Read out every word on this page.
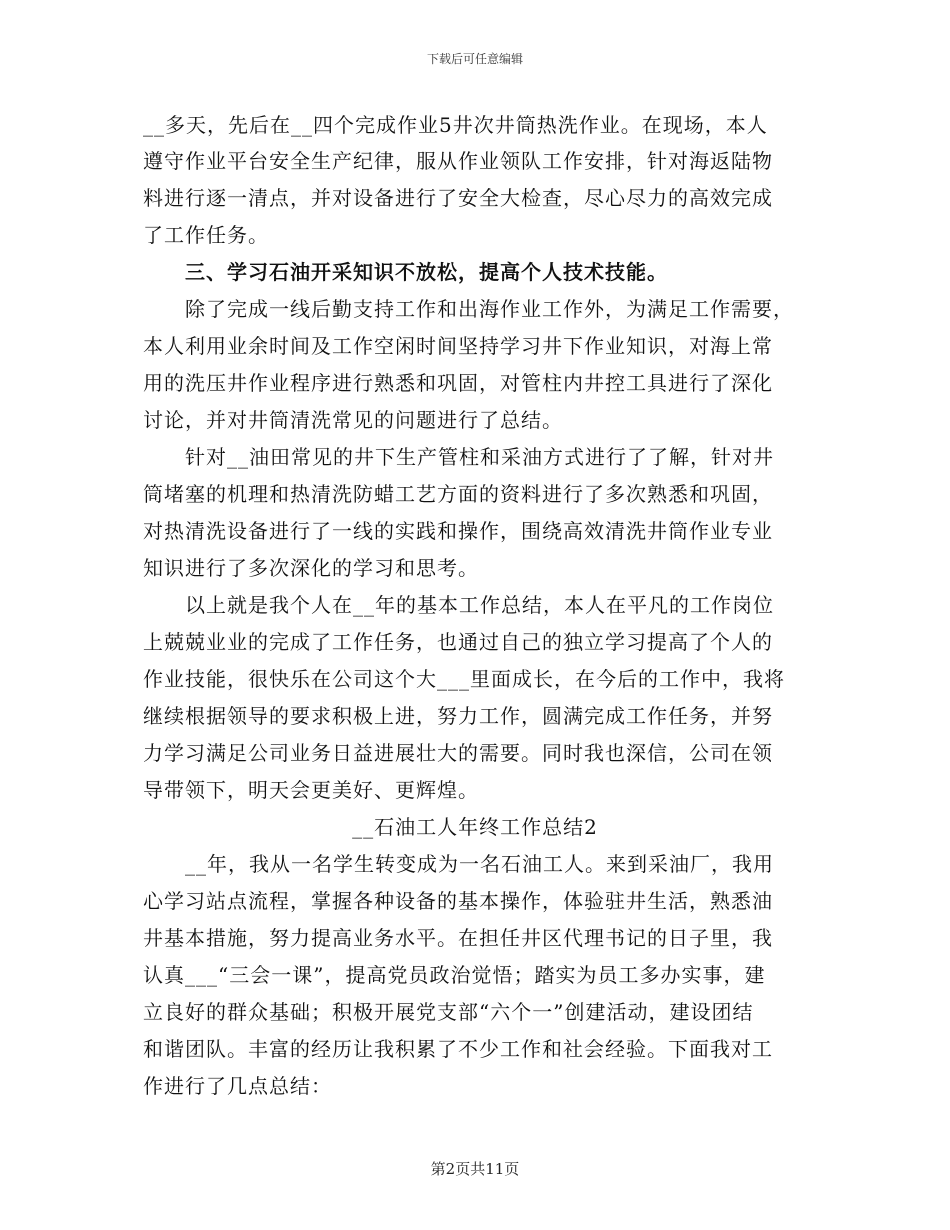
下载后可任意编辑
__多天，先后在__四个完成作业5井次井筒热洗作业。在现场，本人
遵守作业平台安全生产纪律，服从作业领队工作安排，针对海返陆物
料进行逐一清点，并对设备进行了安全大检查，尽心尽力的高效完成
了工作任务。
三、学习石油开采知识不放松，提高个人技术技能。
除了完成一线后勤支持工作和出海作业工作外，为满足工作需要，
本人利用业余时间及工作空闲时间坚持学习井下作业知识，对海上常
用的洗压井作业程序进行熟悉和巩固，对管柱内井控工具进行了深化
讨论，并对井筒清洗常见的问题进行了总结。
针对__油田常见的井下生产管柱和采油方式进行了了解，针对井
筒堵塞的机理和热清洗防蜡工艺方面的资料进行了多次熟悉和巩固，
对热清洗设备进行了一线的实践和操作，围绕高效清洗井筒作业专业
知识进行了多次深化的学习和思考。
以上就是我个人在__年的基本工作总结，本人在平凡的工作岗位
上兢兢业业的完成了工作任务，也通过自己的独立学习提高了个人的
作业技能，很快乐在公司这个大___里面成长，在今后的工作中，我将
继续根据领导的要求积极上进，努力工作，圆满完成工作任务，并努
力学习满足公司业务日益进展壮大的需要。同时我也深信，公司在领
导带领下，明天会更美好、更辉煌。
__石油工人年终工作总结2
__年，我从一名学生转变成为一名石油工人。来到采油厂，我用
心学习站点流程，掌握各种设备的基本操作，体验驻井生活，熟悉油
井基本措施，努力提高业务水平。在担任井区代理书记的日子里，我
认真___“三会一课”，提高党员政治觉悟；踏实为员工多办实事，建
立良好的群众基础；积极开展党支部“六个一”创建活动，建设团结
和谐团队。丰富的经历让我积累了不少工作和社会经验。下面我对工
作进行了几点总结：
第2页共11页
